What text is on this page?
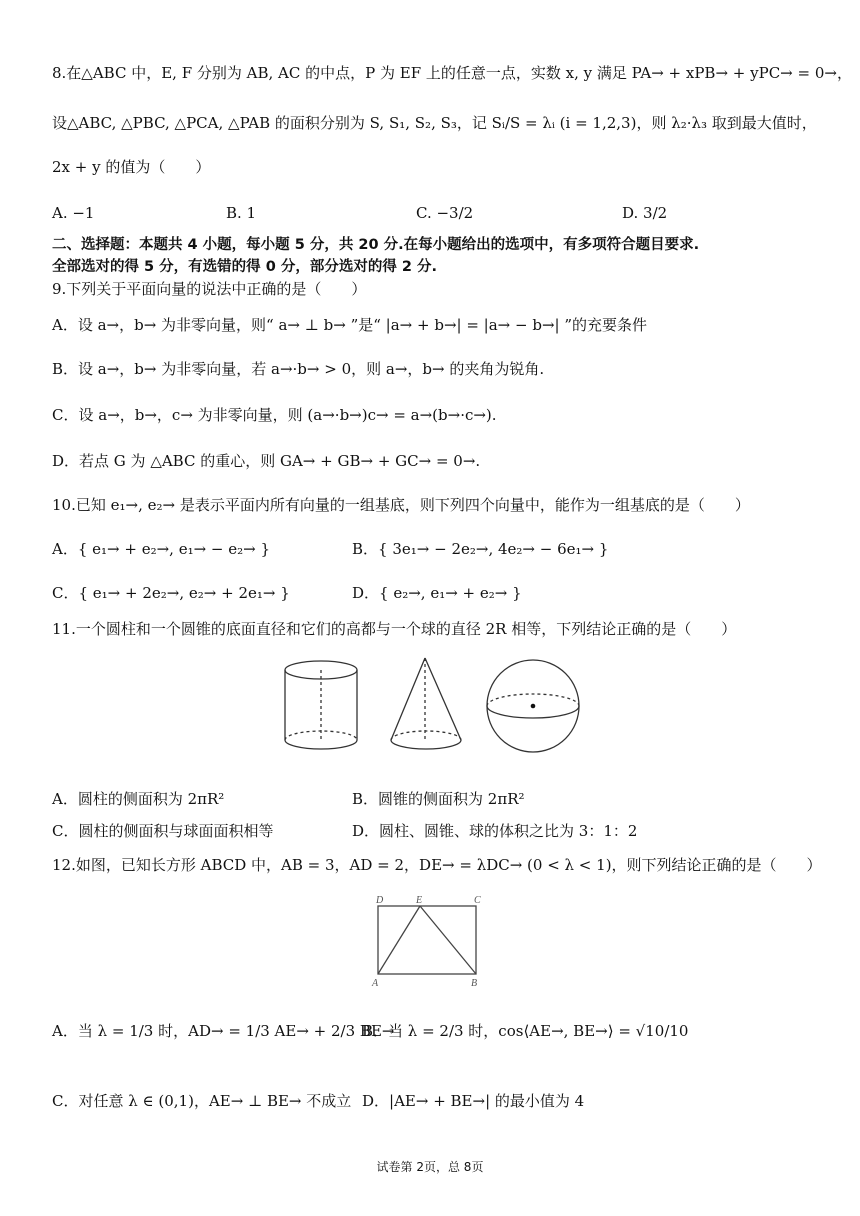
8.在△ABC 中，E, F 分别为 AB, AC 的中点，P 为 EF 上的任意一点，实数 x, y 满足 PA→ + xPB→ + yPC→ = 0→，
设△ABC, △PBC, △PCA, △PAB 的面积分别为 S, S₁, S₂, S₃，记 Sᵢ/S = λᵢ (i = 1,2,3)，则 λ₂·λ₃ 取到最大值时，
2x + y 的值为（　　）
A. −1	B. 1	C. −3/2	D. 3/2
二、选择题：本题共 4 小题，每小题 5 分，共 20 分.在每小题给出的选项中，有多项符合题目要求.
全部选对的得 5 分，有选错的得 0 分，部分选对的得 2 分.
9.下列关于平面向量的说法中正确的是（　　）
A．设 a→，b→ 为非零向量，则“ a→ ⊥ b→ ”是“ |a→ + b→| = |a→ − b→| ”的充要条件
B．设 a→，b→ 为非零向量，若 a→·b→ > 0，则 a→，b→ 的夹角为锐角.
C．设 a→，b→，c→ 为非零向量，则 (a→·b→)c→ = a→(b→·c→).
D．若点 G 为 △ABC 的重心，则 GA→ + GB→ + GC→ = 0→.
10.已知 e₁→, e₂→ 是表示平面内所有向量的一组基底，则下列四个向量中，能作为一组基底的是（　　）
A．{ e₁→ + e₂→, e₁→ − e₂→ }	B．{ 3e₁→ − 2e₂→, 4e₂→ − 6e₁→ }
C．{ e₁→ + 2e₂→, e₂→ + 2e₁→ }	D．{ e₂→, e₁→ + e₂→ }
11.一个圆柱和一个圆锥的底面直径和它们的高都与一个球的直径 2R 相等，下列结论正确的是（　　）
A．圆柱的侧面积为 2πR²	B．圆锥的侧面积为 2πR²
C．圆柱的侧面积与球面面积相等	D．圆柱、圆锥、球的体积之比为 3：1：2
12.如图，已知长方形 ABCD 中，AB = 3，AD = 2，DE→ = λDC→ (0 < λ < 1)，则下列结论正确的是（　　）
D	E	C
A	B
A．当 λ = 1/3 时，AD→ = 1/3 AE→ + 2/3 BE→
B．当 λ = 2/3 时，cos⟨AE→, BE→⟩ = √10/10
C．对任意 λ ∈ (0,1)，AE→ ⊥ BE→ 不成立 D．|AE→ + BE→| 的最小值为 4
试卷第 2页，总 8页
